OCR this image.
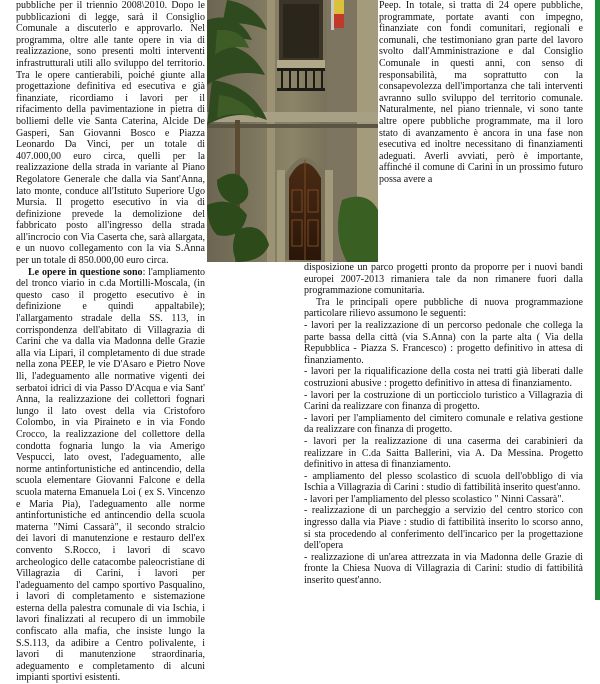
pubbliche per il triennio 2008\2010. Dopo le pubblicazioni di legge, sarà il Consiglio Comunale a discuterlo e approvarlo. Nel programma, oltre alle tante opere in via di realizzazione, sono presenti molti interventi infrastrutturali utili allo sviluppo del territorio. Tra le opere cantierabili, poiché giunte alla progettazione definitiva ed esecutiva e già finanziate, ricordiamo i lavori per il rifacimento della pavimentazione in pietra di bolliemi delle vie Santa Caterina, Alcide De Gasperi, San Giovanni Bosco e Piazza Leonardo Da Vinci, per un totale di 407.000,00 euro circa, quelli per la realizzazione della strada in variante al Piano Regolatore Generale che dalla via Sant'Anna, lato monte, conduce all'Istituto Superiore Ugo Mursia. Il progetto esecutivo in via di definizione prevede la demolizione del fabbricato posto all'ingresso della strada all'incrocio con Via Caserta che, sarà allargata, e un nuovo collegamento con la via S.Anna per un totale di 850.000,00 euro circa.

Le opere in questione sono: l'ampliamento del tronco viario in c.da Mortilli-Moscala, (in questo caso il progetto esecutivo è in definizione e quindi appaltabile); l'allargamento stradale della SS. 113, in corrispondenza dell'abitato di Villagrazia di Carini che va dalla via Madonna delle Grazie alla via Lipari, il completamento di due strade nella zona PEEP, le vie D'Asaro e Pietro Nove lli, l'adeguamento alle normative vigenti dei serbatoi idrici di via Passo D'Acqua e via Sant' Anna, la realizzazione dei collettori fognari lungo il lato ovest della via Cristoforo Colombo, in via Piraineto e in via Fondo Crocco, la realizzazione del collettore della condotta fognaria lungo la via Amerigo Vespucci, lato ovest, l'adeguamento, alle norme antinfortunistiche ed antincendio, della scuola elementare Giovanni Falcone e della scuola materna Emanuela Loi ( ex S. Vincenzo e Maria Pia), l'adeguamento alle norme antinfortunistiche ed antincendio della scuola materna "Nimi Cassarà", il secondo stralcio dei lavori di manutenzione e restauro dell'ex convento S.Rocco, i lavori di scavo archeologico delle catacombe paleocristiane di Villagrazia di Carini, i lavori per l'adeguamento del campo sportivo Pasqualino, i lavori di completamento e sistemazione esterna della palestra comunale di via Ischia, i lavori finalizzati al recupero di un immobile confiscato alla mafia, che insiste lungo la S.S.113, da adibire a Centro polivalente, i lavori di manutenzione straordinaria, adeguamento e completamento di alcuni impianti sportivi esistenti.

Peep. In totale, si tratta di 24 opere pubbliche, programmate, portate avanti con impegno, finanziate con fondi comunitari, regionali e comunali, che testimoniano gran parte del lavoro svolto dall'Amministrazione e dal Consiglio Comunale in questi anni, con senso di responsabilità, ma soprattutto con la consapevolezza dell'importanza che tali interventi avranno sullo sviluppo del territorio comunale. Naturalmente, nel piano triennale, vi sono tante altre opere pubbliche programmate, ma il loro stato di avanzamento è ancora in una fase non esecutiva ed inoltre necessitano di finanziamenti adeguati. Averli avviati, però è importante, affinché il comune di Carini in un prossimo futuro possa avere a

disposizione un parco progetti pronto da proporre per i nuovi bandi europei 2007-2013 rimaniera tale da non rimanere fuori dalla programmazione comunitaria.

Tra le principali opere pubbliche di nuova programmazione particolare rilievo assumono le seguenti:

- lavori per la realizzazione di un percorso pedonale che collega la parte bassa della città (via S.Anna) con la parte alta ( Via della Repubblica - Piazza S. Francesco) : progetto definitivo in attesa di finanziamento.

- lavori per la riqualificazione della costa nei tratti già liberati dalle costruzioni abusive : progetto definitivo in attesa di finanziamento.

- lavori per la costruzione di un porticciolo turistico a Villagrazia di Carini da realizzare con finanza di progetto.

- lavori per l'ampliamento del cimitero comunale e relativa gestione da realizzare con finanza di progetto.

- lavori per la realizzazione di una caserma dei carabinieri da realizzare in C.da Saitta Ballerini, via A. Da Messina. Progetto definitivo in attesa di finanziamento.

- ampliamento del plesso scolastico di scuola dell'obbligo di via Ischia a Villagrazia di Carini : studio di fattibilità inserito quest'anno.

- lavori per l'ampliamento del plesso scolastico " Ninni Cassarà".

- realizzazione di un parcheggio a servizio del centro storico con ingresso dalla via Piave : studio di fattibilità inserito lo scorso anno, si sta procedendo al conferimento dell'incarico per la progettazione dell'opera

- realizzazione di un'area attrezzata in via Madonna delle Grazie di fronte la Chiesa Nuova di Villagrazia di Carini: studio di fattibilità inserito quest'anno.
